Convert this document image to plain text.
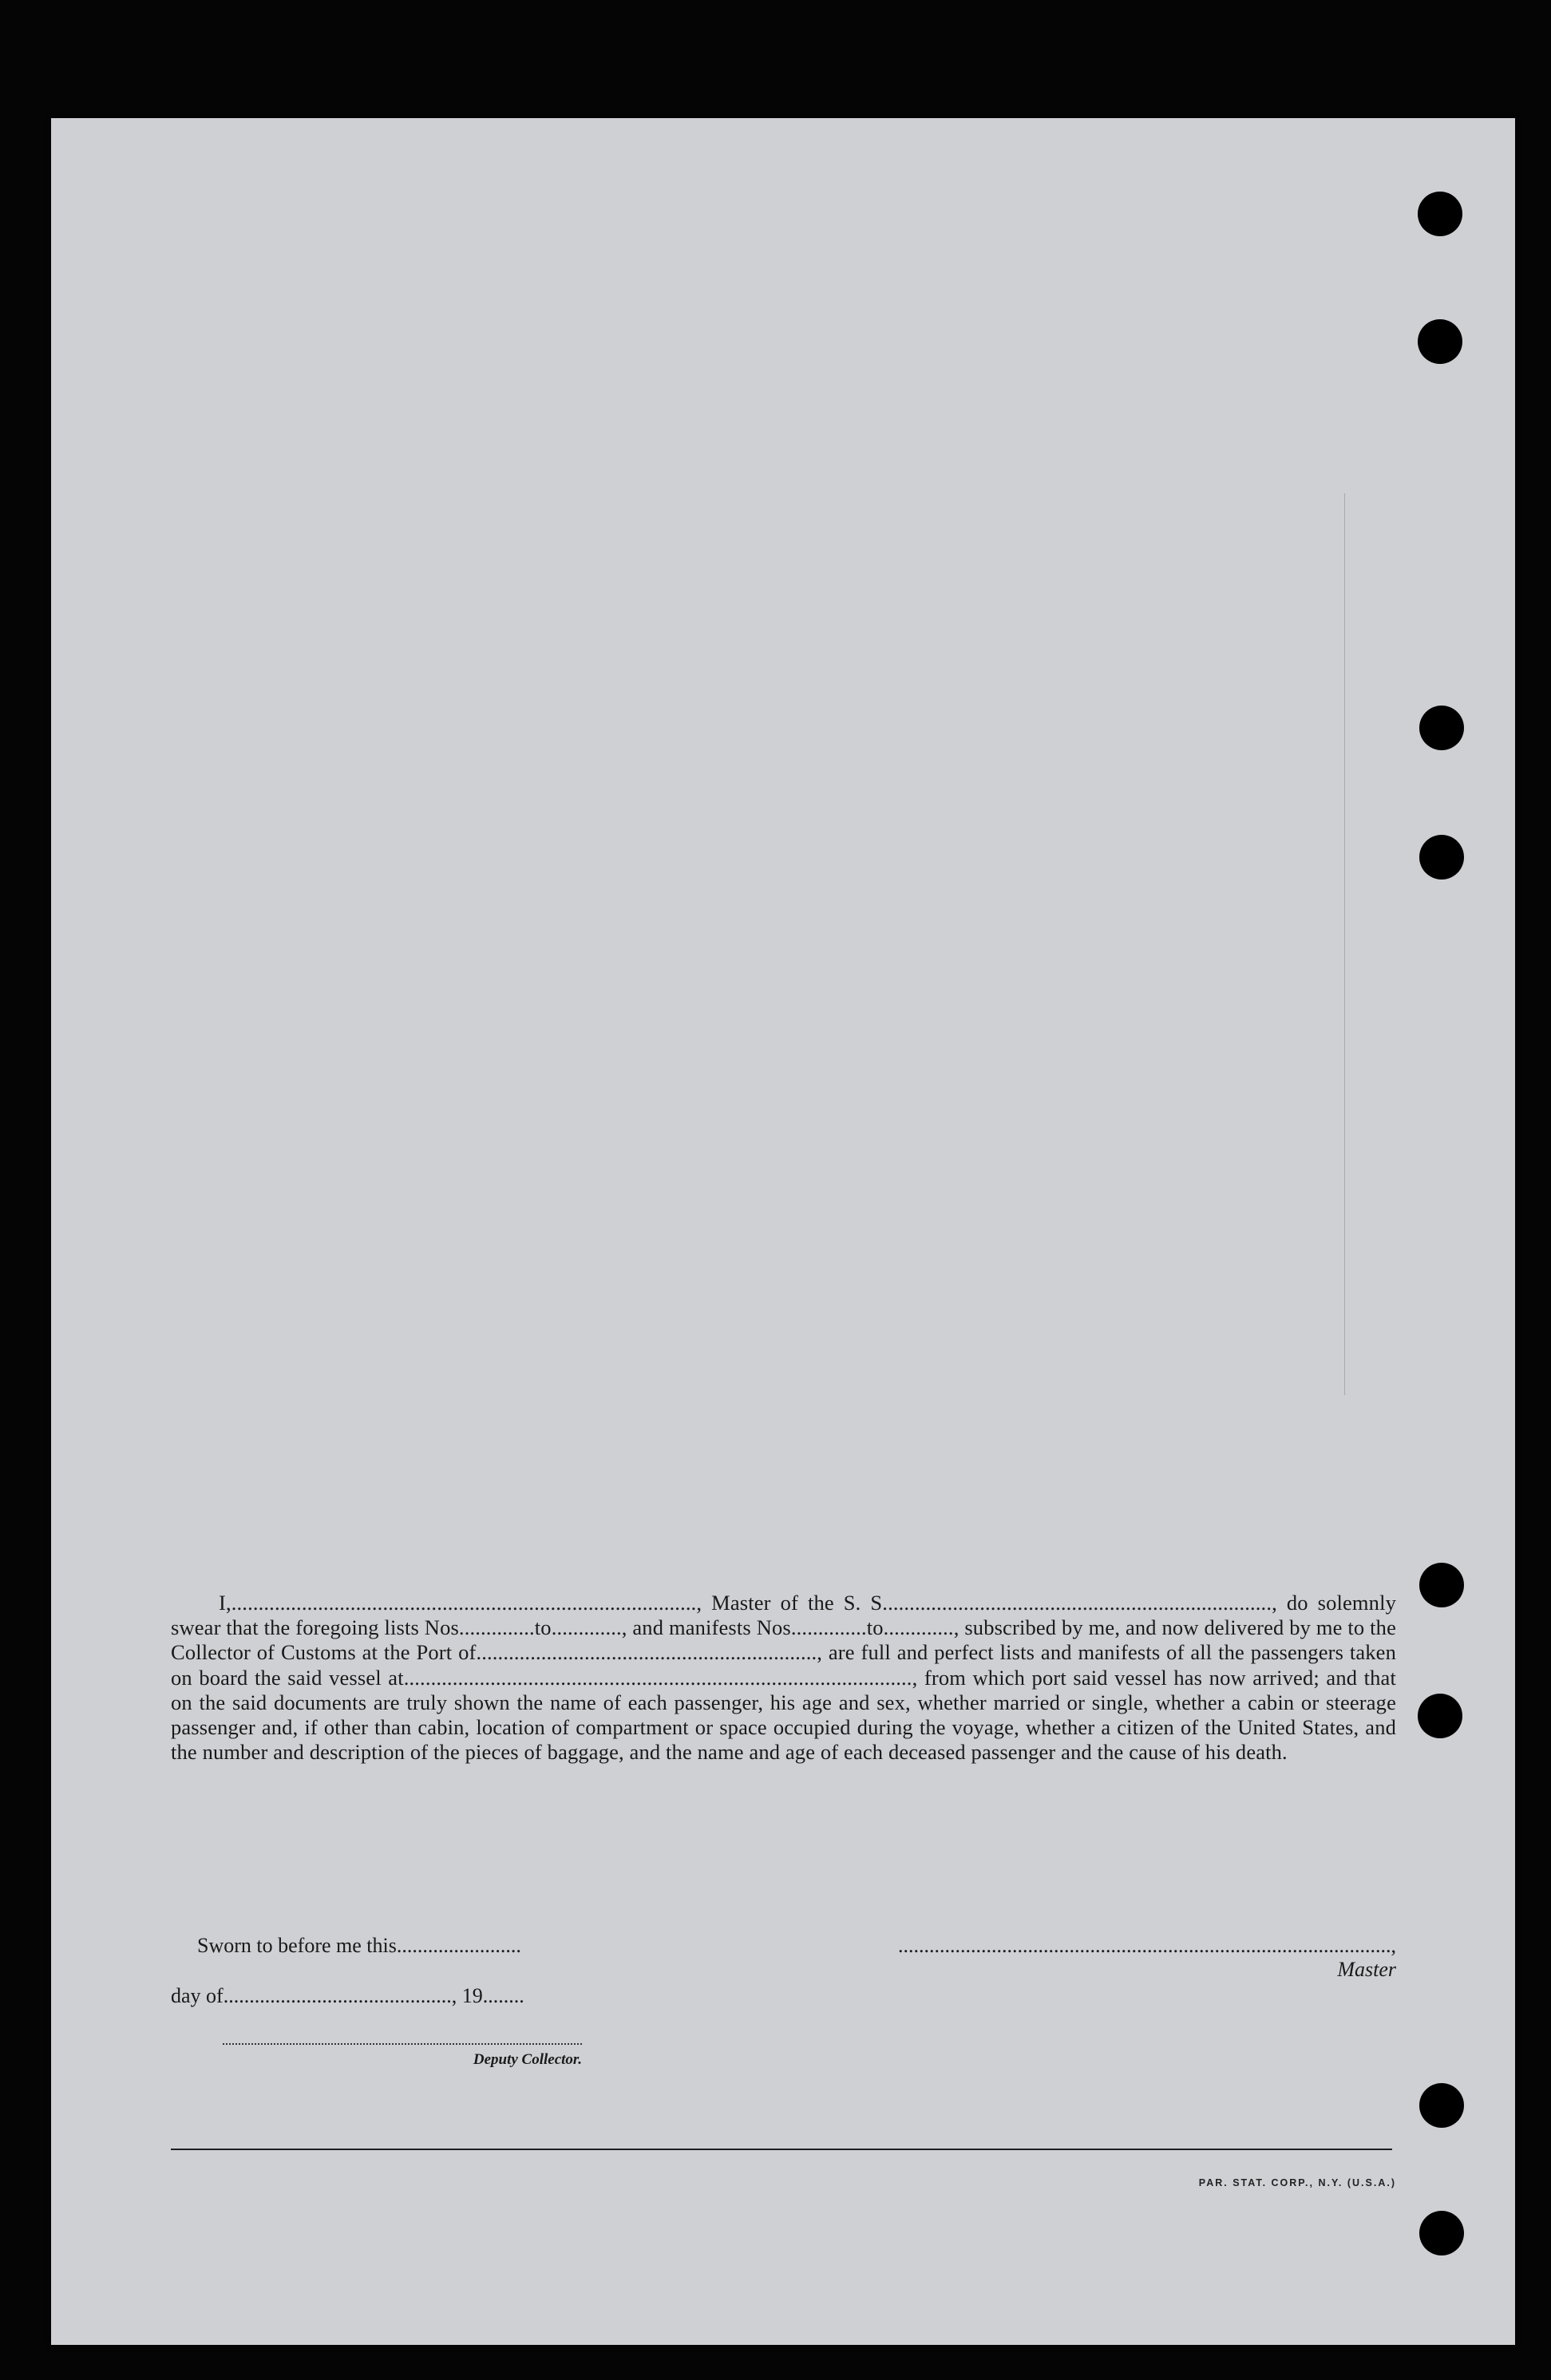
I,......................................................................................, Master of the S. S........................................................................, do solemnly swear that the foregoing lists Nos..............to............., and manifests Nos..............to............., subscribed by me, and now delivered by me to the Collector of Customs at the Port of..............................................................., are full and perfect lists and manifests of all the passengers taken on board the said vessel at.............................................................................................., from which port said vessel has now arrived; and that on the said documents are truly shown the name of each passenger, his age and sex, whether married or single, whether a cabin or steerage passenger and, if other than cabin, location of compartment or space occupied during the voyage, whether a citizen of the United States, and the number and description of the pieces of baggage, and the name and age of each deceased passenger and the cause of his death.
Sworn to before me this........................	..............................................................................................., Master
day of............................................, 19........
Deputy Collector.
PAR. STAT. CORP., N.Y. (U.S.A.)
